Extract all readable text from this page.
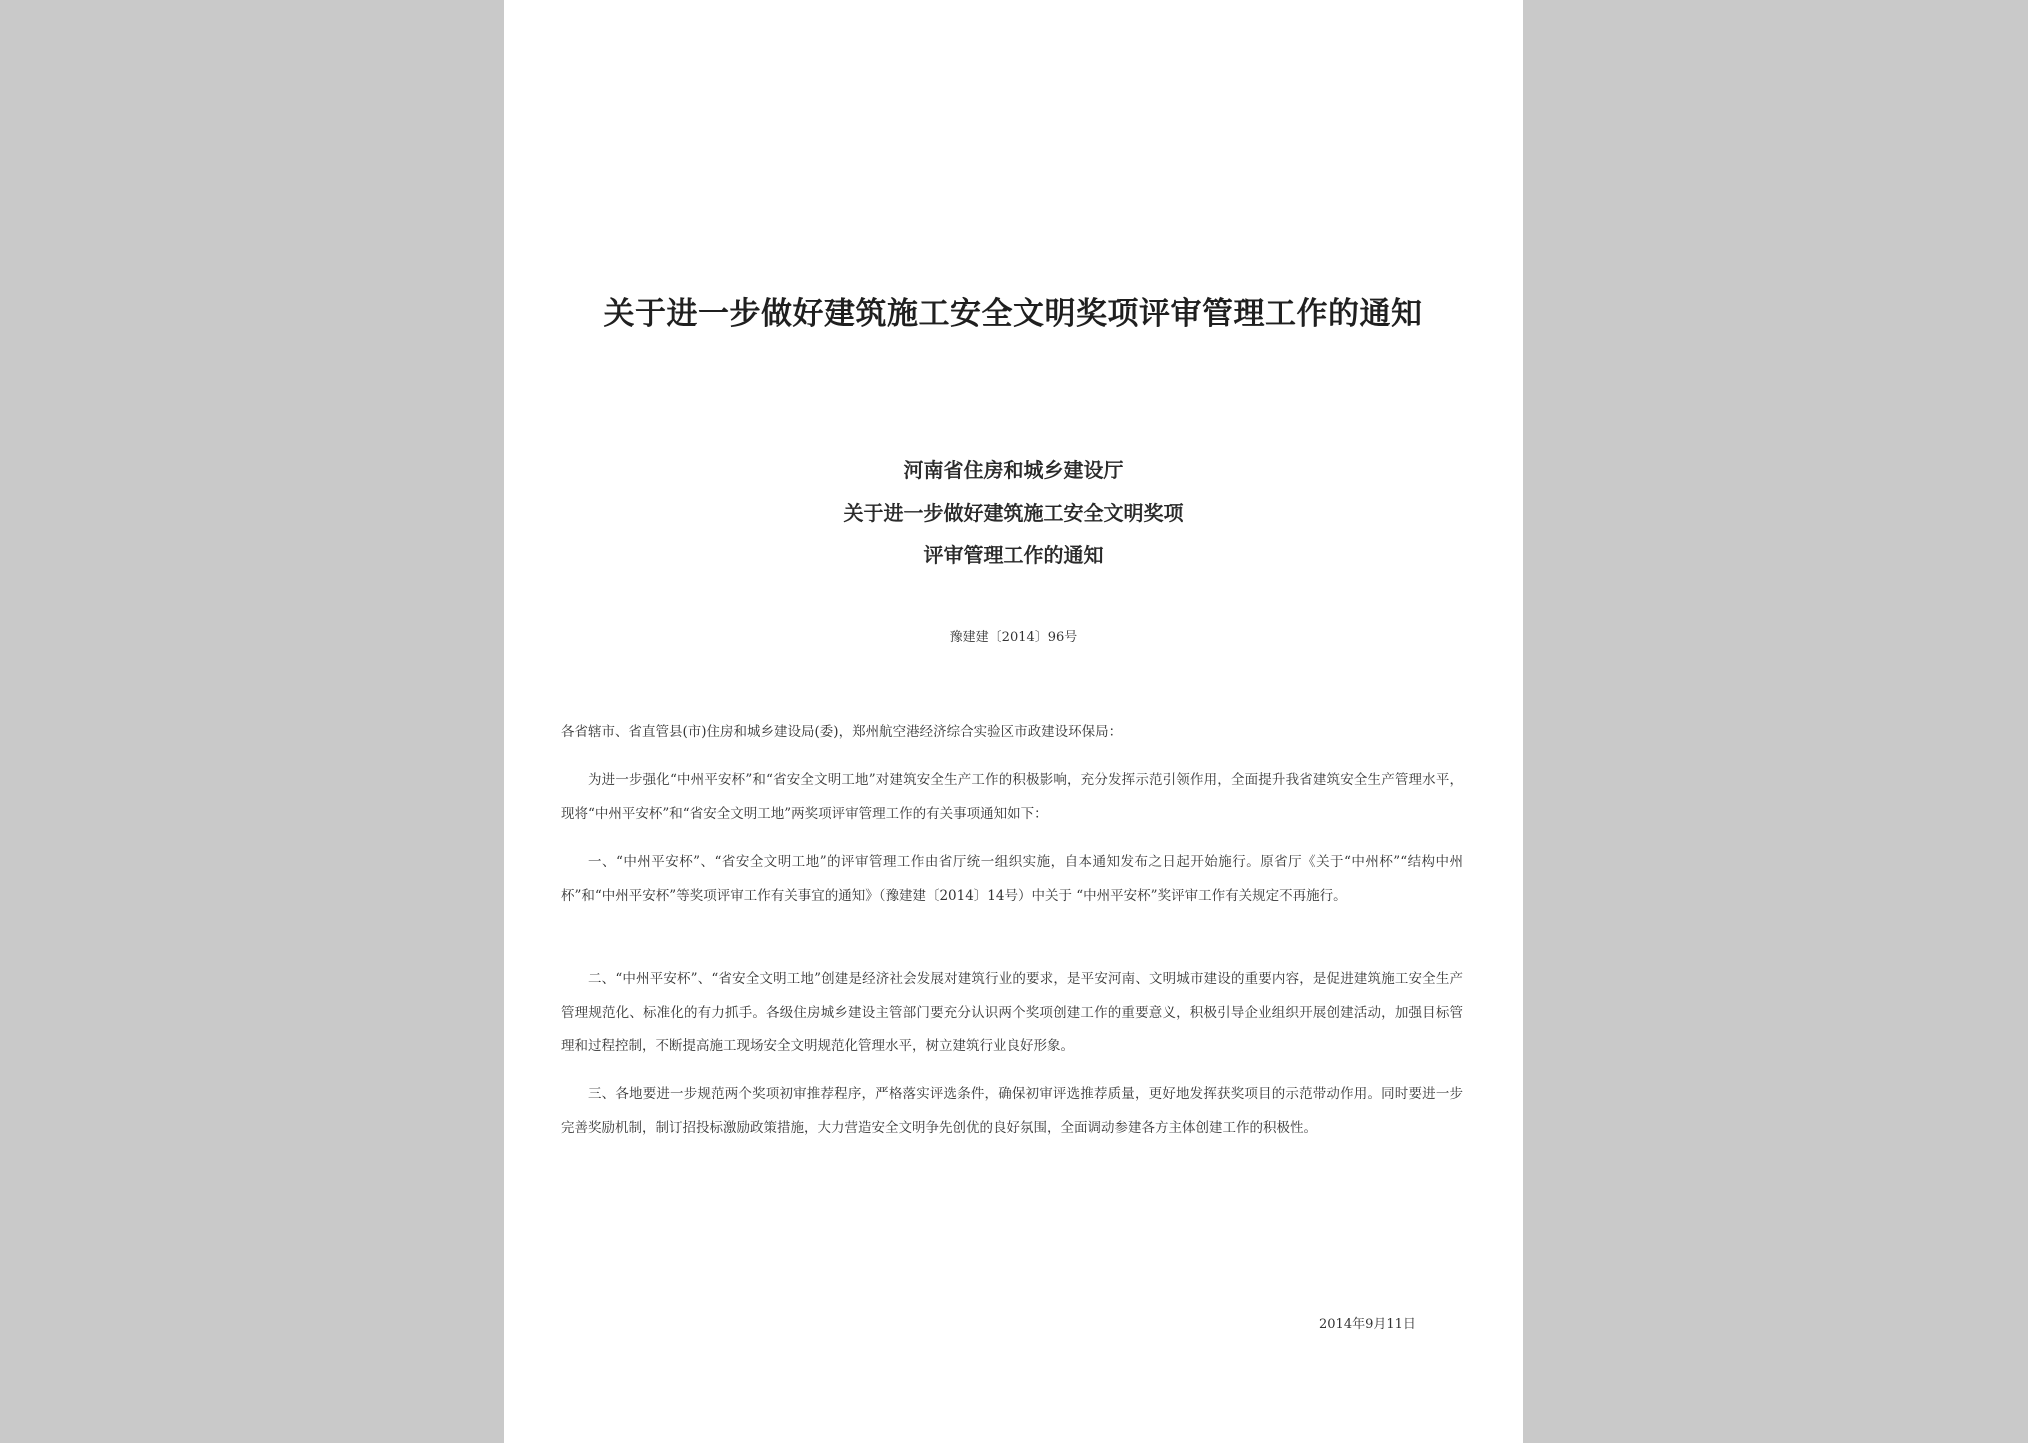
关于进一步做好建筑施工安全文明奖项评审管理工作的通知
河南省住房和城乡建设厅
关于进一步做好建筑施工安全文明奖项
评审管理工作的通知
豫建建〔2014〕96号
各省辖市、省直管县(市)住房和城乡建设局(委)，郑州航空港经济综合实验区市政建设环保局：
为进一步强化“中州平安杯”和“省安全文明工地”对建筑安全生产工作的积极影响，充分发挥示范引领作用，全面提升我省建筑安全生产管理水平，现将“中州平安杯”和“省安全文明工地”两奖项评审管理工作的有关事项通知如下：
一、“中州平安杯”、“省安全文明工地”的评审管理工作由省厅统一组织实施，自本通知发布之日起开始施行。原省厅《关于“中州杯”“结构中州杯”和“中州平安杯”等奖项评审工作有关事宜的通知》（豫建建〔2014〕14号）中关于 “中州平安杯”奖评审工作有关规定不再施行。
二、“中州平安杯”、“省安全文明工地”创建是经济社会发展对建筑行业的要求，是平安河南、文明城市建设的重要内容，是促进建筑施工安全生产管理规范化、标准化的有力抓手。各级住房城乡建设主管部门要充分认识两个奖项创建工作的重要意义，积极引导企业组织开展创建活动，加强目标管理和过程控制，不断提高施工现场安全文明规范化管理水平，树立建筑行业良好形象。
三、各地要进一步规范两个奖项初审推荐程序，严格落实评选条件，确保初审评选推荐质量，更好地发挥获奖项目的示范带动作用。同时要进一步完善奖励机制，制订招投标激励政策措施，大力营造安全文明争先创优的良好氛围，全面调动参建各方主体创建工作的积极性。
2014年9月11日
